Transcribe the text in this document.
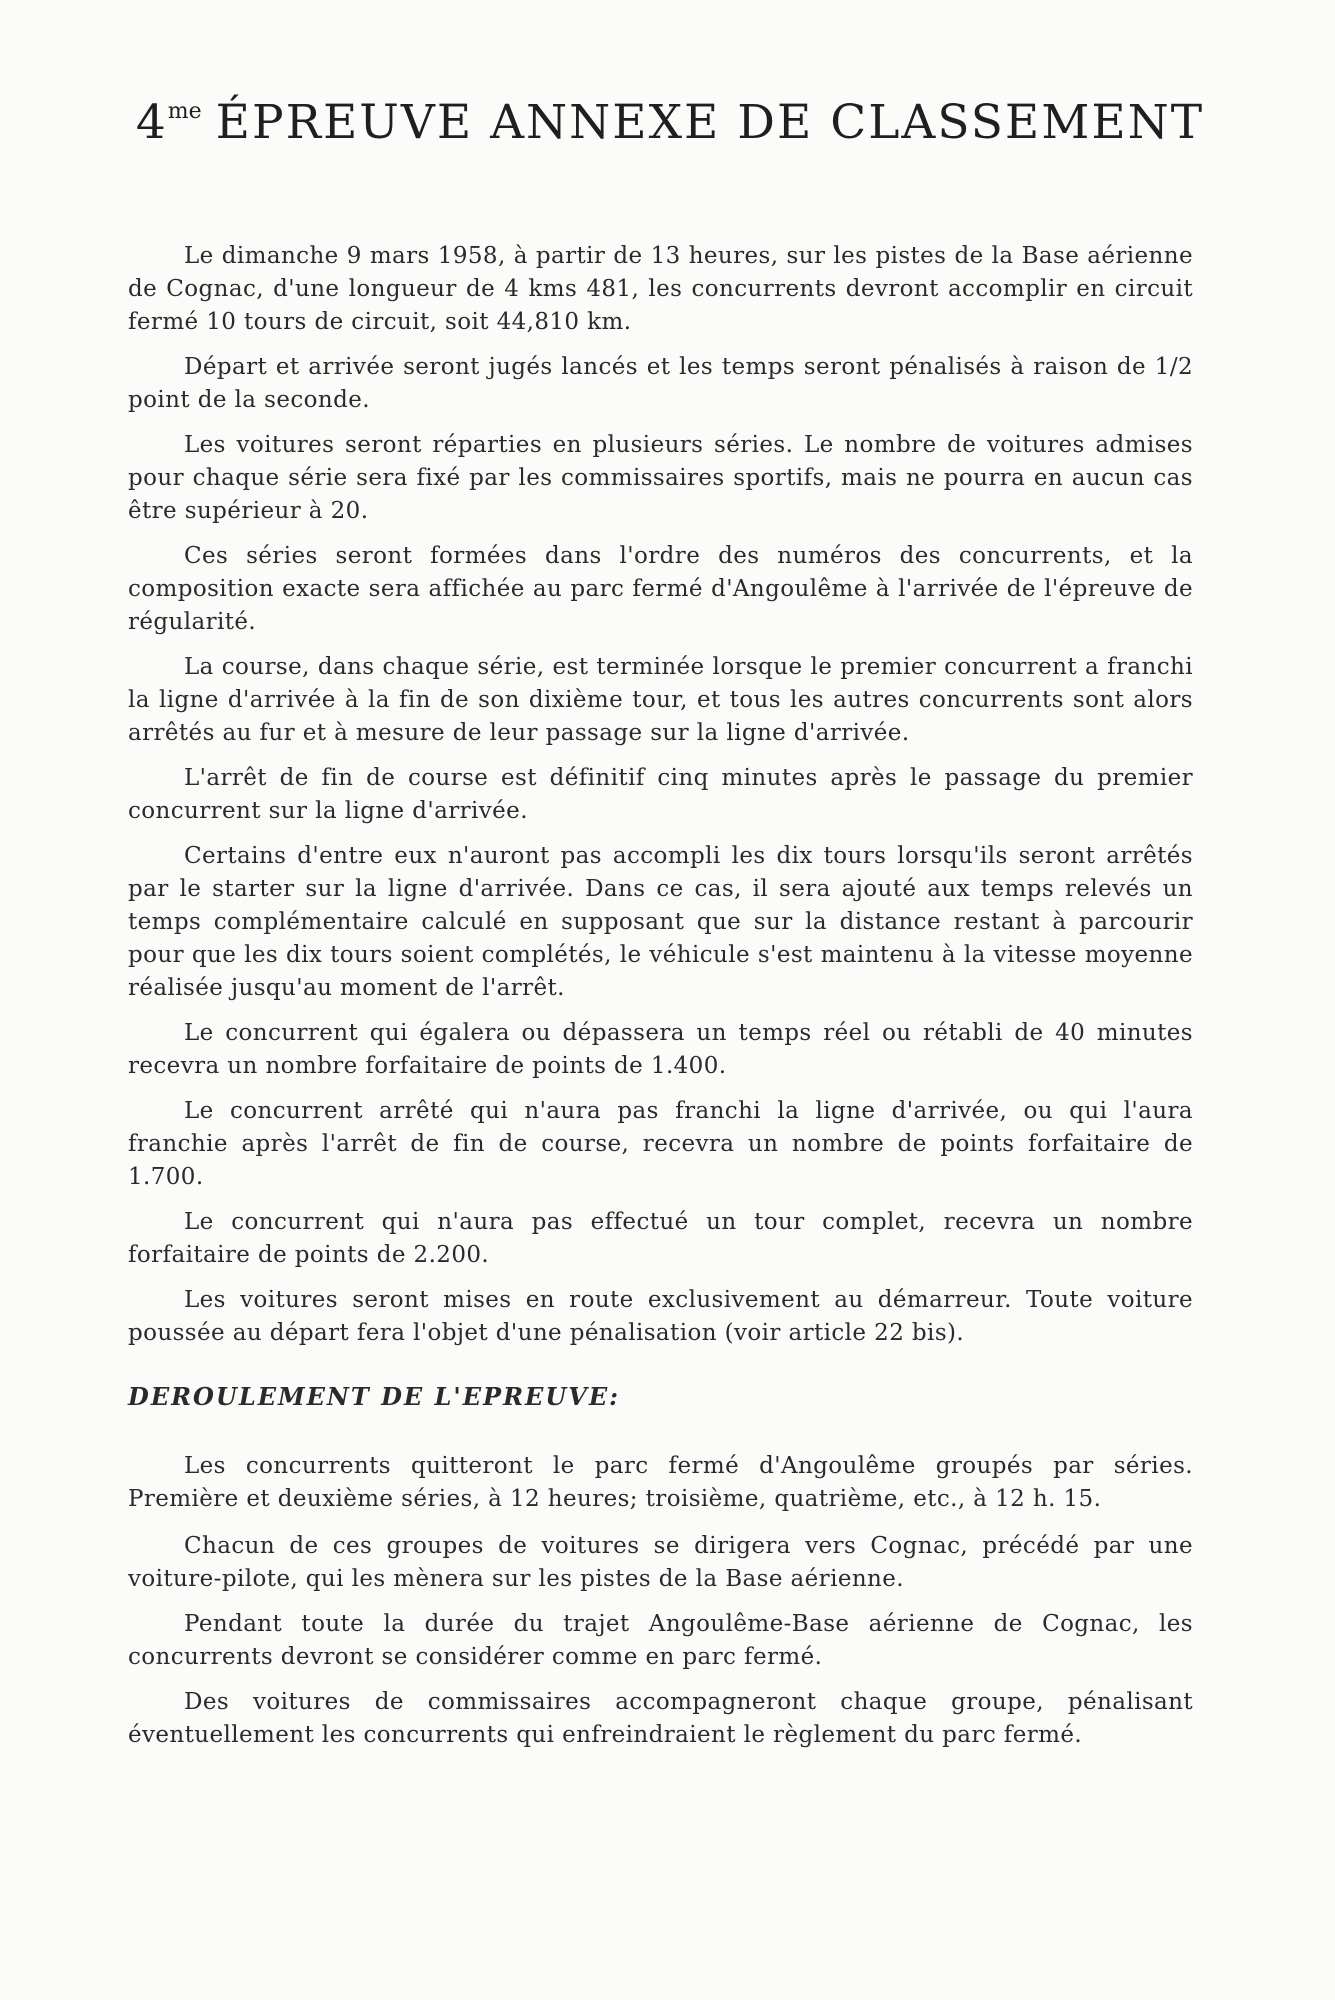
$4^{me}$ ÉPREUVE ANNEXE DE CLASSEMENT

Le dimanche 9 mars 1958, à partir de 13 heures, sur les pistes de la Base aérienne de Cognac, d'une longueur de 4 kms 481, les concurrents devront accomplir en circuit fermé 10 tours de circuit, soit 44,810 km.

Départ et arrivée seront jugés lancés et les temps seront pénalisés à raison de 1/2 point de la seconde.

Les voitures seront réparties en plusieurs séries. Le nombre de voitures admises pour chaque série sera fixé par les commissaires sportifs, mais ne pourra en aucun cas être supérieur à 20.

Ces séries seront formées dans l'ordre des numéros des concurrents, et la composition exacte sera affichée au parc fermé d'Angoulême à l'arrivée de l'épreuve de régularité.

La course, dans chaque série, est terminée lorsque le premier concurrent a franchi la ligne d'arrivée à la fin de son dixième tour, et tous les autres concurrents sont alors arrêtés au fur et à mesure de leur passage sur la ligne d'arrivée.

L'arrêt de fin de course est définitif cinq minutes après le passage du premier concurrent sur la ligne d'arrivée.

Certains d'entre eux n'auront pas accompli les dix tours lorsqu'ils seront arrêtés par le starter sur la ligne d'arrivée. Dans ce cas, il sera ajouté aux temps relevés un temps complémentaire calculé en supposant que sur la distance restant à parcourir pour que les dix tours soient complétés, le véhicule s'est maintenu à la vitesse moyenne réalisée jusqu'au moment de l'arrêt.

Le concurrent qui égalera ou dépassera un temps réel ou rétabli de 40 minutes recevra un nombre forfaitaire de points de 1.400.

Le concurrent arrêté qui n'aura pas franchi la ligne d'arrivée, ou qui l'aura franchie après l'arrêt de fin de course, recevra un nombre de points forfaitaire de 1.700.

Le concurrent qui n'aura pas effectué un tour complet, recevra un nombre forfaitaire de points de 2.200.

Les voitures seront mises en route exclusivement au démarreur. Toute voiture poussée au départ fera l'objet d'une pénalisation (voir article 22 bis).

DEROULEMENT DE L'EPREUVE:

Les concurrents quitteront le parc fermé d'Angoulême groupés par séries. Première et deuxième séries, à 12 heures; troisième, quatrième, etc., à 12 h. 15.

Chacun de ces groupes de voitures se dirigera vers Cognac, précédé par une voiture-pilote, qui les mènera sur les pistes de la Base aérienne.

Pendant toute la durée du trajet Angoulême-Base aérienne de Cognac, les concurrents devront se considérer comme en parc fermé.

Des voitures de commissaires accompagneront chaque groupe, pénalisant éventuellement les concurrents qui enfreindraient le règlement du parc fermé.
